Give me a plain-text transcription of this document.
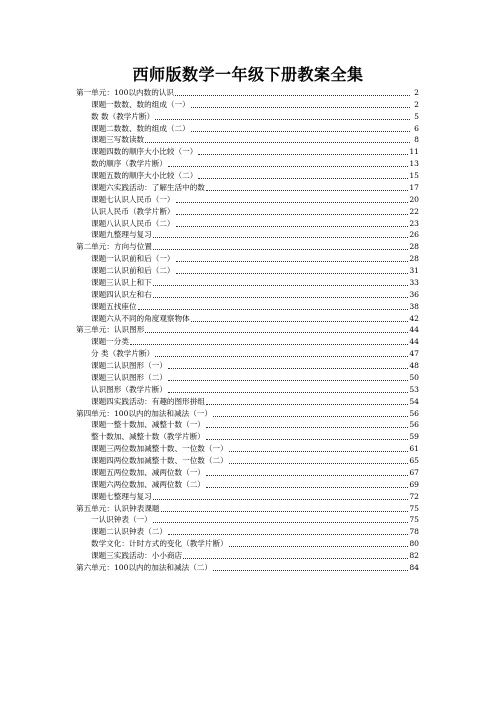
西师版数学一年级下册教案全集
第一单元：100以内数的认识	2
课题一数数、数的组成（一）	2
数 数（教学片断）	5
课题二数数、数的组成（二）	6
课题三写数读数	8
课题四数的顺序大小比较（一）	11
数的顺序（教学片断）	13
课题五数的顺序大小比较（二）	15
课题六实践活动：了解生活中的数	17
课题七认识人民币（一）	20
认识人民币（教学片断）	22
课题八认识人民币（二）	23
课题九整理与复习	26
第二单元：方向与位置	28
课题一认识前和后（一）	28
课题二认识前和后（二）	31
课题三认识上和下	33
课题四认识左和右	36
课题五找座位	38
课题六从不同的角度观察物体	42
第三单元：认识图形	44
课题一分类	44
分 类（教学片断）	47
课题二认识图形（一）	48
课题三认识图形（二）	50
认识图形（教学片断）	53
课题四实践活动：有趣的图形拼组	54
第四单元：100以内的加法和减法（一）	56
课题一整十数加、减整十数（一）	56
整十数加、减整十数（教学片断）	59
课题三两位数加减整十数、一位数（一）	61
课题四两位数加减整十数、一位数（二）	65
课题五两位数加、减两位数（一）	67
课题六两位数加、减两位数（二）	69
课题七整理与复习	72
第五单元：认识钟表课题	75
一认识钟表（一）	75
课题二认识钟表（二）	78
数学文化：计时方式的变化（教学片断）	80
课题三实践活动：小小商店	82
第六单元：100以内的加法和减法（二）	84
